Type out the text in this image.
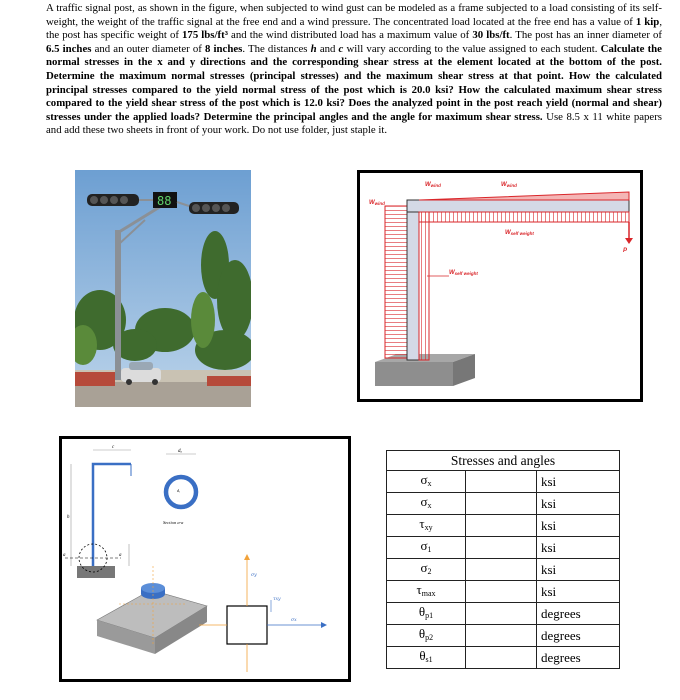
A traffic signal post, as shown in the figure, when subjected to wind gust can be modeled as a frame subjected to a load consisting of its self-weight, the weight of the traffic signal at the free end and a wind pressure. The concentrated load located at the free end has a value of 1 kip, the post has specific weight of 175 lbs/ft³ and the wind distributed load has a maximum value of 30 lbs/ft. The post has an inner diameter of 6.5 inches and an outer diameter of 8 inches. The distances h and c will vary according to the value assigned to each student. Calculate the normal stresses in the x and y directions and the corresponding shear stress at the element located at the bottom of the post. Determine the maximum normal stresses (principal stresses) and the maximum shear stress at that point. How the calculated principal stresses compared to the yield normal stress of the post which is 20.0 ksi? How the calculated maximum shear stress compared to the yield shear stress of the post which is 12.0 ksi? Does the analyzed point in the post reach yield (normal and shear) stresses under the applied loads? Determine the principal angles and the angle for maximum shear stress. Use 8.5 x 11 white papers and add these two sheets in front of your work. Do not use folder, just staple it.
88	Wwind
Wwind	Wwind
Wself weight
Wself weight
P
h
c
a	a
dₒ
dᵢ
Section a-a
σy
σx
τxy
Stresses and angles		
$\sigma_x$		ksi
$\sigma_x$		ksi
$\tau_{xy}$		ksi
$\sigma_1$		ksi
$\sigma_2$		ksi
$\tau_{max}$		ksi
$\theta_{p1}$		degrees
$\theta_{p2}$		degrees
$\theta_{s1}$		degrees
